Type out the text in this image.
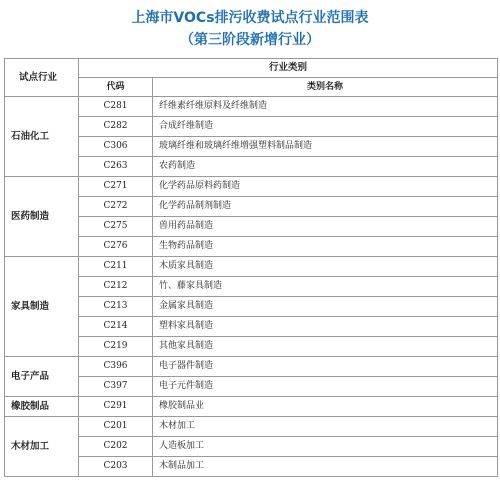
上海市VOCs排污收费试点行业范围表
（第三阶段新增行业）
试点行业	行业类别	
	代码	类别名称
石油化工	C281	纤维素纤维原料及纤维制造
	C282	合成纤维制造
	C306	玻璃纤维和玻璃纤维增强塑料制品制造
	C263	农药制造
医药制造	C271	化学药品原料药制造
	C272	化学药品制剂制造
	C275	兽用药品制造
	C276	生物药品制造
家具制造	C211	木质家具制造
	C212	竹、藤家具制造
	C213	金属家具制造
	C214	塑料家具制造
	C219	其他家具制造
电子产品	C396	电子器件制造
	C397	电子元件制造
橡胶制品	C291	橡胶制品业
木材加工	C201	木材加工
	C202	人造板加工
	C203	木制品加工
